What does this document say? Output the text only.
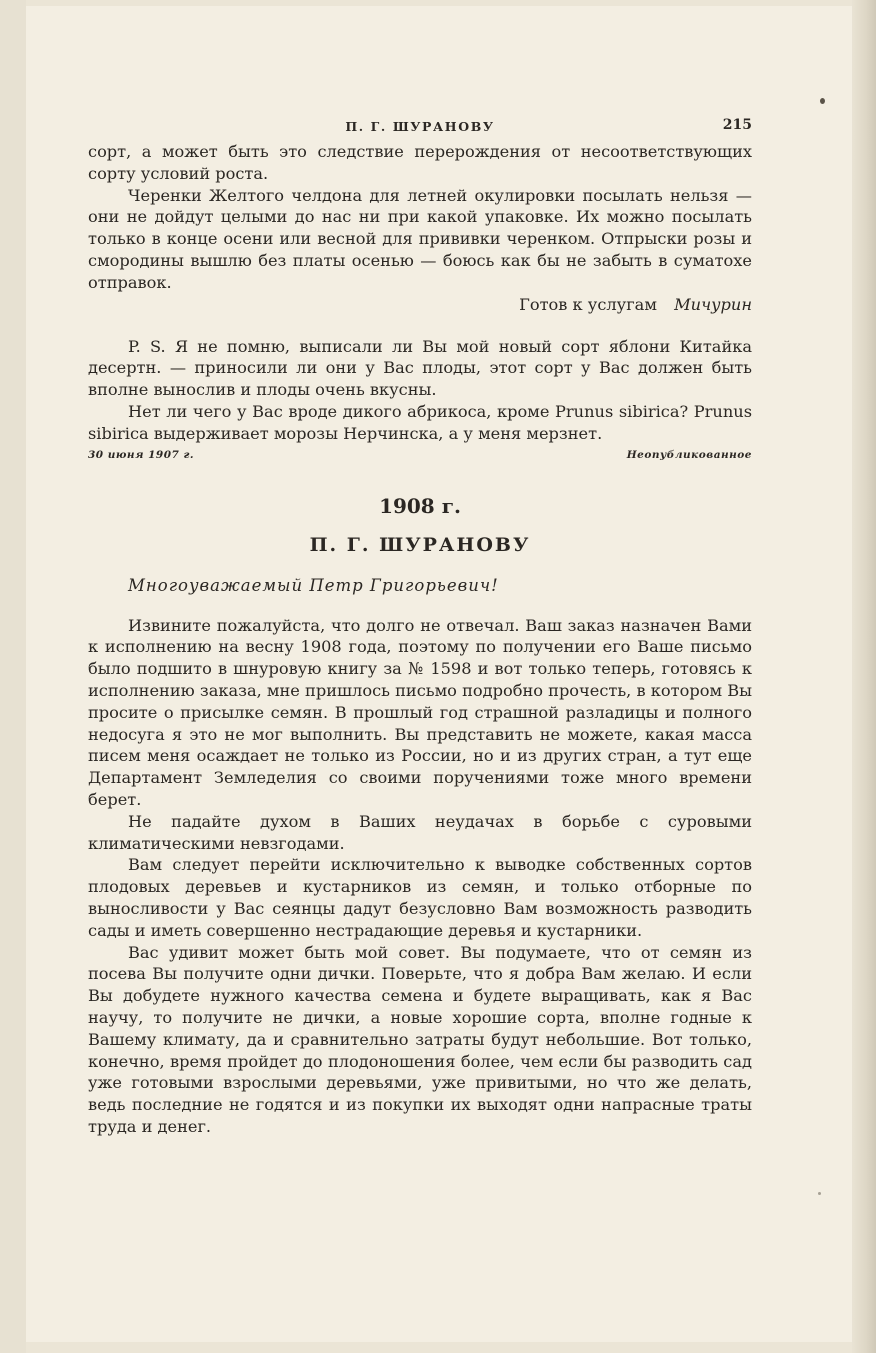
П. Г. ШУРАНОВУ	215

сорт, а может быть это следствие перерождения от несоответствующих сорту условий роста.

Черенки Желтого челдона для летней окулировки посылать нельзя — они не дойдут целыми до нас ни при какой упаковке. Их можно посылать только в конце осени или весной для прививки черенком. Отпрыски розы и смородины вышлю без платы осенью — боюсь как бы не забыть в суматохе отправок.

Готов к услугам Мичурин

P. S. Я не помню, выписали ли Вы мой новый сорт яблони Китайка десертн. — приносили ли они у Вас плоды, этот сорт у Вас должен быть вполне вынослив и плоды очень вкусны.

Нет ли чего у Вас вроде дикого абрикоса, кроме Prunus sibirica? Prunus sibirica выдерживает морозы Нерчинска, а у меня мерзнет.

30 июня 1907 г.	Неопубликованное
1908 г.
П. Г. ШУРАНОВУ

Многоуважаемый Петр Григорьевич!

Извините пожалуйста, что долго не отвечал. Ваш заказ назначен Вами к исполнению на весну 1908 года, поэтому по получении его Ваше письмо было подшито в шнуровую книгу за № 1598 и вот только теперь, готовясь к исполнению заказа, мне пришлось письмо подробно прочесть, в котором Вы просите о присылке семян. В прошлый год страшной разладицы и полного недосуга я это не мог выполнить. Вы представить не можете, какая масса писем меня осаждает не только из России, но и из других стран, а тут еще Департамент Земледелия со своими поручениями тоже много времени берет.

Не падайте духом в Ваших неудачах в борьбе с суровыми климатическими невзгодами.

Вам следует перейти исключительно к выводке собственных сортов плодовых деревьев и кустарников из семян, и только отборные по выносливости у Вас сеянцы дадут безусловно Вам возможность разводить сады и иметь совершенно нестрадающие деревья и кустарники.

Вас удивит может быть мой совет. Вы подумаете, что от семян из посева Вы получите одни дички. Поверьте, что я добра Вам желаю. И если Вы добудете нужного качества семена и будете выращивать, как я Вас научу, то получите не дички, а новые хорошие сорта, вполне годные к Вашему климату, да и сравнительно затраты будут небольшие. Вот только, конечно, время пройдет до плодоношения более, чем если бы разводить сад уже готовыми взрослыми деревьями, уже привитыми, но что же делать, ведь последние не годятся и из покупки их выходят одни напрасные траты труда и денег.
